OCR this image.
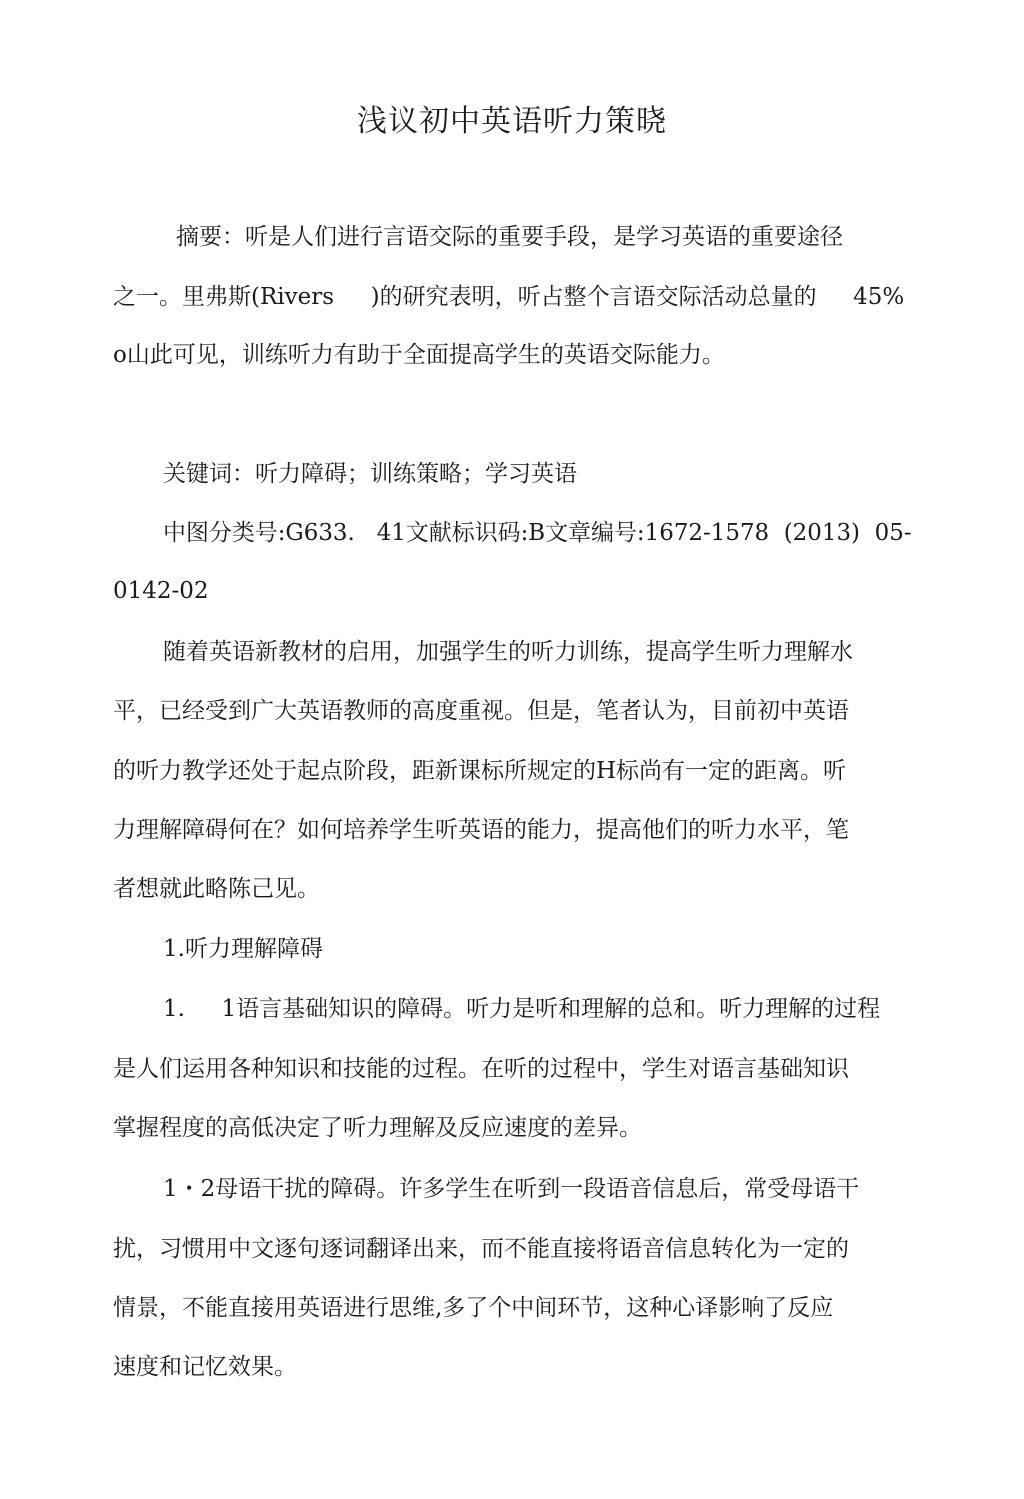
浅议初中英语听力策晓

摘要：听是人们进行言语交际的重要手段，是学习英语的重要途径

之一。里弗斯(Rivers     )的研究表明，听占整个言语交际活动总量的     45%

o山此可见，训练听力有助于全面提高学生的英语交际能力。

关键词：听力障碍；训练策略；学习英语

中图分类号:G633.   41文献标识码:B文章编号:1672-1578  (2013)  05-

0142-02

随着英语新教材的启用，加强学生的听力训练，提高学生听力理解水

平，已经受到广大英语教师的高度重视。但是，笔者认为，目前初中英语

的听力教学还处于起点阶段，距新课标所规定的H标尚有一定的距离。听

力理解障碍何在？如何培养学生听英语的能力，提高他们的听力水平，笔

者想就此略陈己见。

1.听力理解障碍

1.     1语言基础知识的障碍。听力是听和理解的总和。听力理解的过程

是人们运用各种知识和技能的过程。在听的过程中，学生对语言基础知识

掌握程度的高低决定了听力理解及反应速度的差异。

1・2母语干扰的障碍。许多学生在听到一段语音信息后，常受母语干

扰，习惯用中文逐句逐词翻译出来，而不能直接将语音信息转化为一定的

情景，不能直接用英语进行思维,多了个中间环节，这种心译影响了反应

速度和记忆效果。
